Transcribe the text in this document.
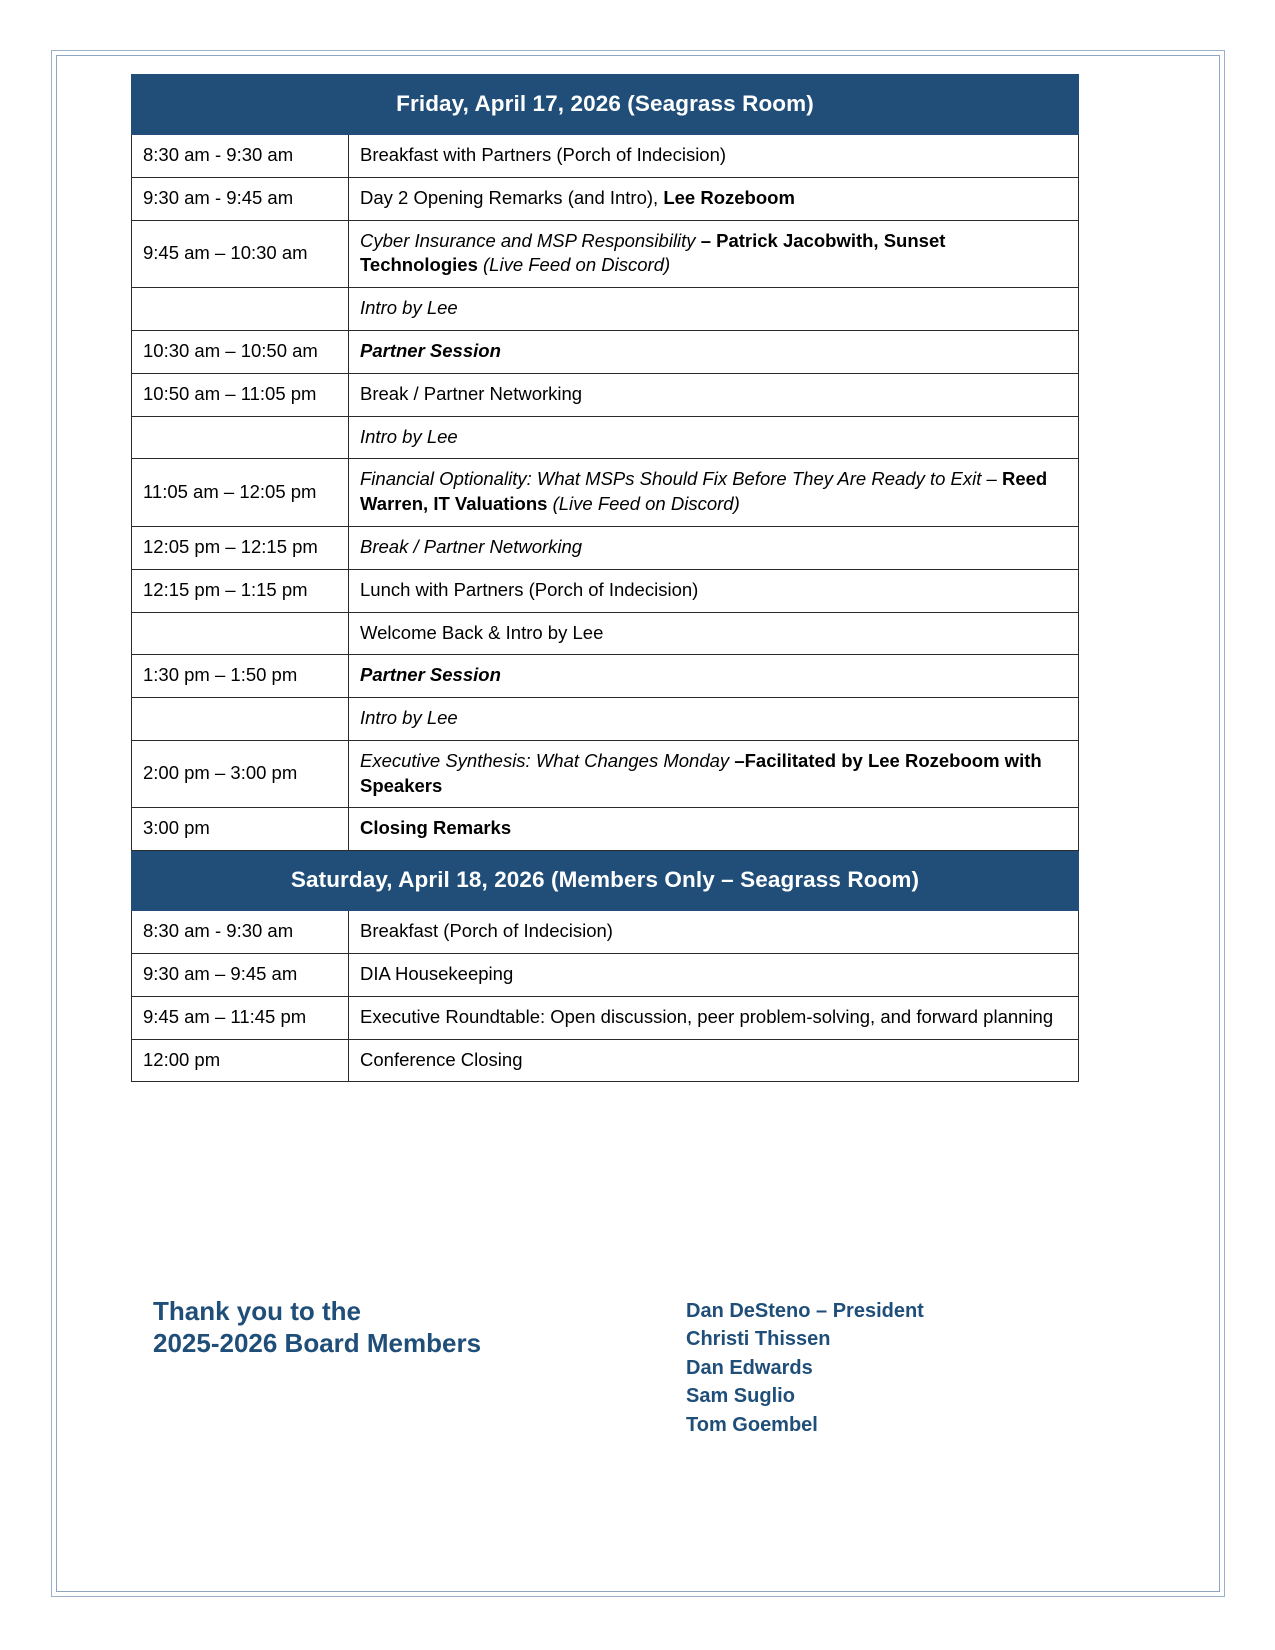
Friday, April 17, 2026 (Seagrass Room)	
8:30 am - 9:30 am	Breakfast with Partners (Porch of Indecision)
9:30 am - 9:45 am	Day 2 Opening Remarks (and Intro), Lee Rozeboom
9:45 am – 10:30 am	Cyber Insurance and MSP Responsibility – Patrick Jacobwith, Sunset Technologies (Live Feed on Discord)
	Intro by Lee
10:30 am – 10:50 am	Partner Session
10:50 am – 11:05 pm	Break / Partner Networking
	Intro by Lee
11:05 am – 12:05 pm	Financial Optionality: What MSPs Should Fix Before They Are Ready to Exit – Reed Warren, IT Valuations (Live Feed on Discord)
12:05 pm – 12:15 pm	Break / Partner Networking
12:15 pm – 1:15 pm	Lunch with Partners (Porch of Indecision)
	Welcome Back & Intro by Lee
1:30 pm – 1:50 pm	Partner Session
	Intro by Lee
2:00 pm – 3:00 pm	Executive Synthesis: What Changes Monday –Facilitated by Lee Rozeboom with Speakers
3:00 pm	Closing Remarks
Saturday, April 18, 2026 (Members Only – Seagrass Room)	
8:30 am - 9:30 am	Breakfast (Porch of Indecision)
9:30 am – 9:45 am	DIA Housekeeping
9:45 am – 11:45 pm	Executive Roundtable: Open discussion, peer problem-solving, and forward planning
12:00 pm	Conference Closing
Thank you to the
2025-2026 Board Members
Dan DeSteno – President
Christi Thissen
Dan Edwards
Sam Suglio
Tom Goembel
